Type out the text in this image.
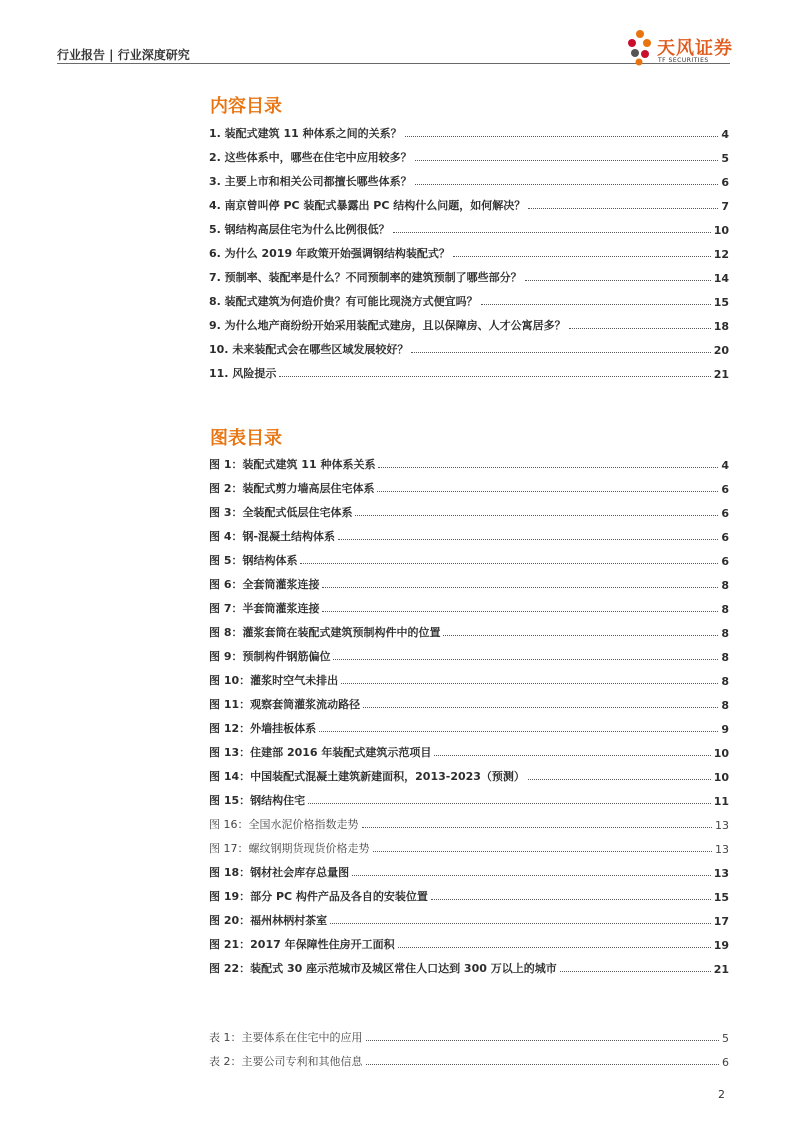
行业报告 | 行业深度研究	天风证券
TF SECURITIES
内容目录
1. 装配式建筑 11 种体系之间的关系？	4
2. 这些体系中，哪些在住宅中应用较多？	5
3. 主要上市和相关公司都擅长哪些体系？	6
4. 南京曾叫停 PC 装配式暴露出 PC 结构什么问题，如何解决？	7
5. 钢结构高层住宅为什么比例很低？	10
6. 为什么 2019 年政策开始强调钢结构装配式？	12
7. 预制率、装配率是什么？不同预制率的建筑预制了哪些部分？	14
8. 装配式建筑为何造价贵？有可能比现浇方式便宜吗？	15
9. 为什么地产商纷纷开始采用装配式建房，且以保障房、人才公寓居多？	18
10. 未来装配式会在哪些区域发展较好？	20
11. 风险提示	21
图表目录
图 1：装配式建筑 11 种体系关系	4
图 2：装配式剪力墙高层住宅体系	6
图 3：全装配式低层住宅体系	6
图 4：钢-混凝土结构体系	6
图 5：钢结构体系	6
图 6：全套筒灌浆连接	8
图 7：半套筒灌浆连接	8
图 8：灌浆套筒在装配式建筑预制构件中的位置	8
图 9：预制构件钢筋偏位	8
图 10：灌浆时空气未排出	8
图 11：观察套筒灌浆流动路径	8
图 12：外墙挂板体系	9
图 13：住建部 2016 年装配式建筑示范项目	10
图 14：中国装配式混凝土建筑新建面积，2013-2023（预测）	10
图 15：钢结构住宅	11
图 16：全国水泥价格指数走势	13
图 17：螺纹钢期货现货价格走势	13
图 18：钢材社会库存总量图	13
图 19：部分 PC 构件产品及各自的安装位置	15
图 20：福州林柄村茶室	17
图 21：2017 年保障性住房开工面积	19
图 22：装配式 30 座示范城市及城区常住人口达到 300 万以上的城市	21
表 1：主要体系在住宅中的应用	5
表 2：主要公司专利和其他信息	6
2
